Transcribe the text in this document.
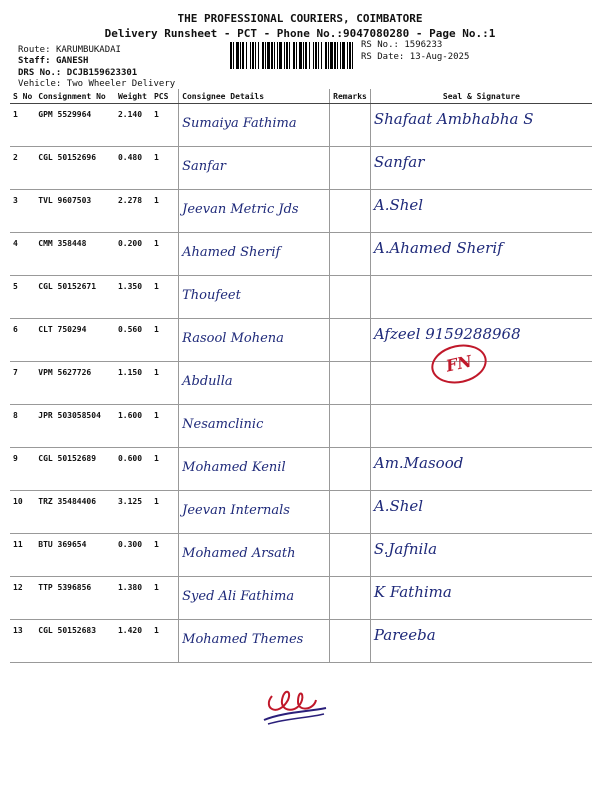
THE PROFESSIONAL COURIERS, COIMBATORE
Delivery Runsheet - PCT - Phone No.:9047080280 - Page No.:1
Route: KARUMBUKADAI
Staff: GANESH
DRS No.: DCJB159623301
Vehicle: Two Wheeler Delivery
RS No.: 1596233
RS Date: 13-Aug-2025
S No	Consignment No	Weight	PCS	Consignee Details	Remarks	Seal & Signature
1	GPM 5529964	2.140	1	Sumaiya Fathima		Shafaat Ambhabha S
2	CGL 50152696	0.480	1	Sanfar		Sanfar
3	TVL 9607503	2.278	1	Jeevan Metric Jds		A.Shel
4	CMM 358448	0.200	1	Ahamed Sherif		A.Ahamed Sherif
5	CGL 50152671	1.350	1	Thoufeet		
6	CLT 750294	0.560	1	Rasool Mohena		Afzeel 9159288968
FN

7	VPM 5627726	1.150	1	Abdulla		
8	JPR 503058504	1.600	1	Nesamclinic		
9	CGL 50152689	0.600	1	Mohamed Kenil		Am.Masood
10	TRZ 35484406	3.125	1	Jeevan Internals		A.Shel
11	BTU 369654	0.300	1	Mohamed Arsath		S.Jafnila
12	TTP 5396856	1.380	1	Syed Ali Fathima		K Fathima
13	CGL 50152683	1.420	1	Mohamed Themes		Pareeba
